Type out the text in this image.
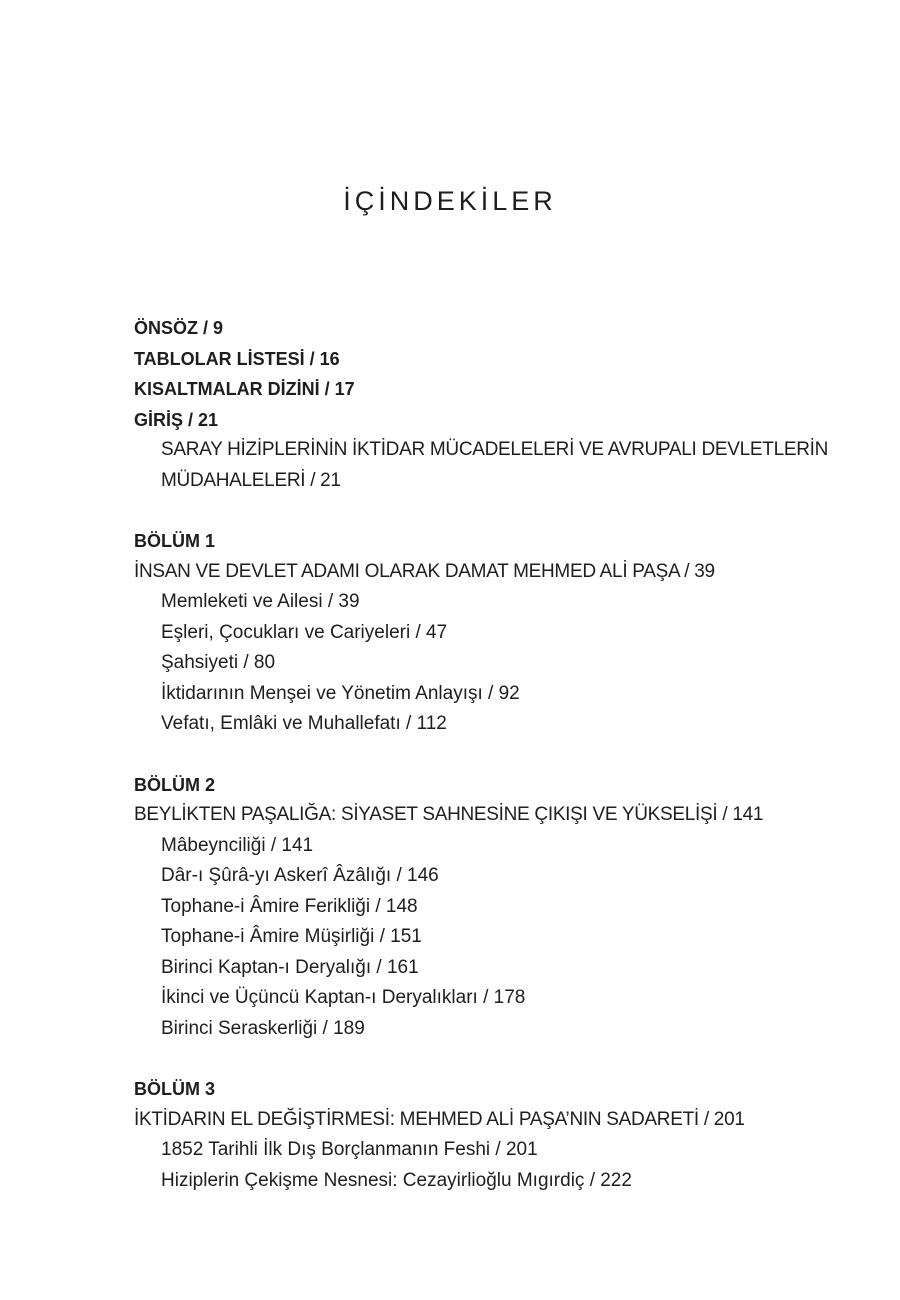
İÇİNDEKİLER
ÖNSÖZ / 9
TABLOLAR LİSTESİ / 16
KISALTMALAR DİZİNİ / 17
GİRİŞ / 21
SARAY HİZİPLERİNİN İKTİDAR MÜCADELELERİ VE AVRUPALI DEVLETLERİN
MÜDAHALELERİ / 21
BÖLÜM 1
İNSAN VE DEVLET ADAMI OLARAK DAMAT MEHMED ALİ PAŞA / 39
Memleketi ve Ailesi / 39
Eşleri, Çocukları ve Cariyeleri / 47
Şahsiyeti / 80
İktidarının Menşei ve Yönetim Anlayışı / 92
Vefatı, Emlâki ve Muhallefatı / 112
BÖLÜM 2
BEYLİKTEN PAŞALIĞA: SİYASET SAHNESİNE ÇIKIŞI VE YÜKSELİŞİ / 141
Mâbeynciliği / 141
Dâr-ı Şûrâ-yı Askerî Âzâlığı / 146
Tophane-i Âmire Ferikliği / 148
Tophane-i Âmire Müşirliği / 151
Birinci Kaptan-ı Deryalığı / 161
İkinci ve Üçüncü Kaptan-ı Deryalıkları / 178
Birinci Seraskerliği / 189
BÖLÜM 3
İKTİDARIN EL DEĞİŞTİRMESİ: MEHMED ALİ PAŞA’NIN SADARETİ / 201
1852 Tarihli İlk Dış Borçlanmanın Feshi / 201
Hiziplerin Çekişme Nesnesi: Cezayirlioğlu Mıgırdiç / 222
